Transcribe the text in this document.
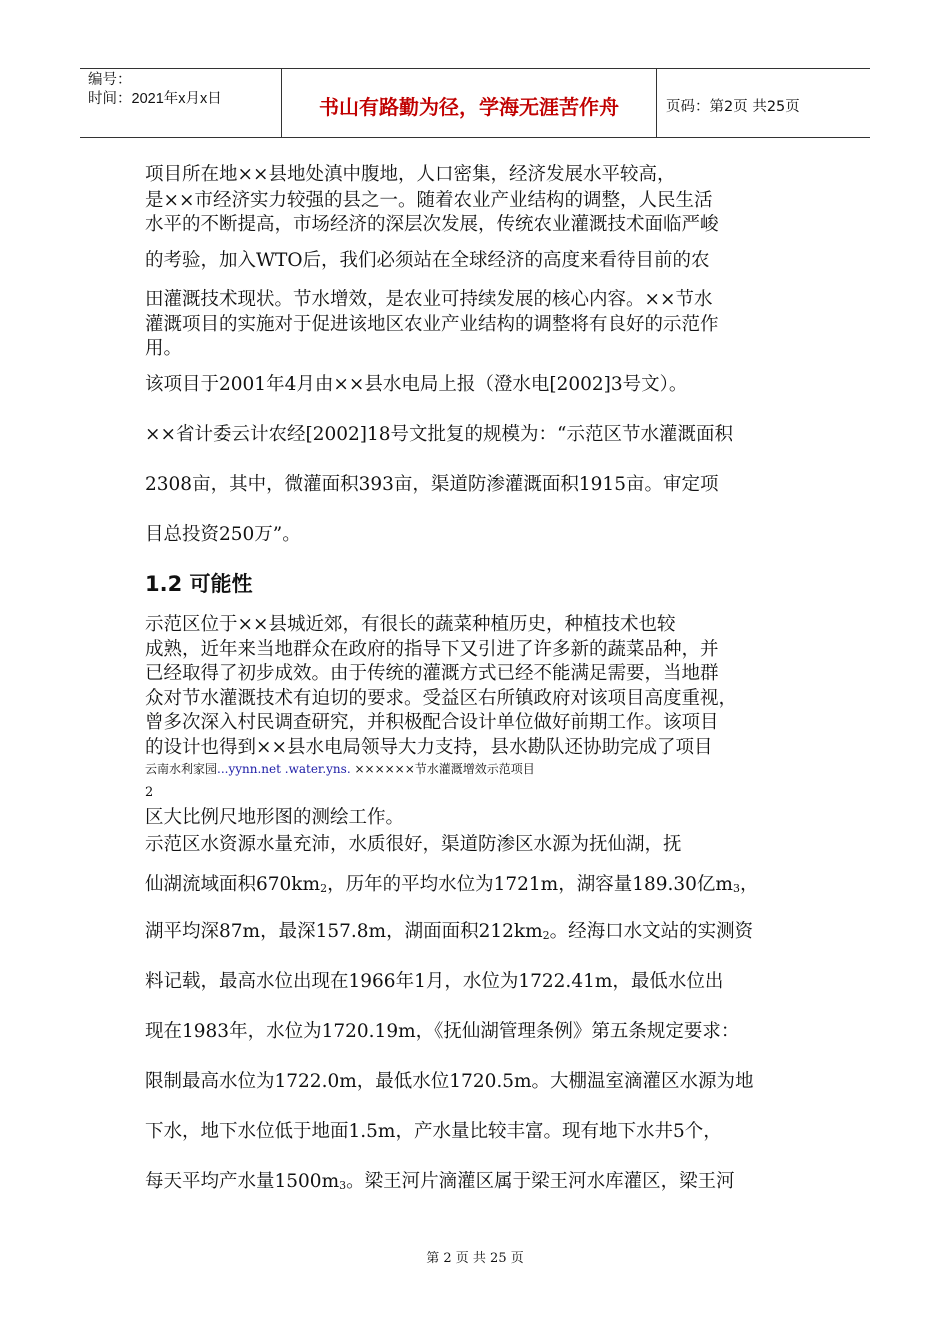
编号：
时间：2021年x月x日	书山有路勤为径，学海无涯苦作舟	页码：第2页 共25页
项目所在地××县地处滇中腹地，人口密集，经济发展水平较高，
是××市经济实力较强的县之一。随着农业产业结构的调整，人民生活
水平的不断提高，市场经济的深层次发展，传统农业灌溉技术面临严峻
的考验，加入WTO后，我们必须站在全球经济的高度来看待目前的农
田灌溉技术现状。节水增效，是农业可持续发展的核心内容。××节水
灌溉项目的实施对于促进该地区农业产业结构的调整将有良好的示范作
用。
该项目于2001年4月由××县水电局上报（澄水电[2002]3号文）。
××省计委云计农经[2002]18号文批复的规模为：“示范区节水灌溉面积
2308亩，其中，微灌面积393亩，渠道防渗灌溉面积1915亩。审定项
目总投资250万”。
1.2 可能性
示范区位于××县城近郊，有很长的蔬菜种植历史，种植技术也较
成熟，近年来当地群众在政府的指导下又引进了许多新的蔬菜品种，并
已经取得了初步成效。由于传统的灌溉方式已经不能满足需要，当地群
众对节水灌溉技术有迫切的要求。受益区右所镇政府对该项目高度重视，
曾多次深入村民调查研究，并积极配合设计单位做好前期工作。该项目
的设计也得到××县水电局领导大力支持，县水勘队还协助完成了项目
云南水利家园...yynn.net .water.yns. ××××××节水灌溉增效示范项目
2
区大比例尺地形图的测绘工作。
示范区水资源水量充沛，水质很好，渠道防渗区水源为抚仙湖，抚
仙湖流域面积$670km_2$，历年的平均水位为1721m，湖容量189.30亿$m_3$，
湖平均深87m，最深157.8m，湖面面积$212km_2$。经海口水文站的实测资
料记载，最高水位出现在1966年1月，水位为1722.41m，最低水位出
现在1983年，水位为1720.19m，《抚仙湖管理条例》第五条规定要求：
限制最高水位为1722.0m，最低水位1720.5m。大棚温室滴灌区水源为地
下水，地下水位低于地面1.5m，产水量比较丰富。现有地下水井5个，
每天平均产水量$1500m_3$。梁王河片滴灌区属于梁王河水库灌区，梁王河
第 2 页 共 25 页
